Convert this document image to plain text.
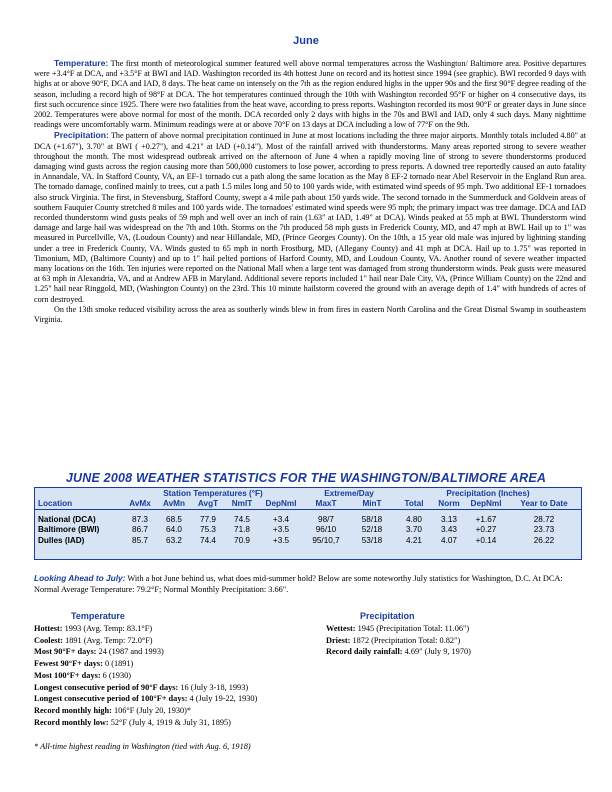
June

Temperature: The first month of meteorological summer featured well above normal temperatures across the Washington/ Baltimore area. Positive departures were +3.4°F at DCA, and +3.5°F at BWI and IAD. Washington recorded its 4th hottest June on record and its hottest since 1994 (see graphic). BWI recorded 9 days with highs at or above 90°F, DCA and IAD, 8 days. The heat came on intensely on the 7th as the region endured highs in the upper 90s and the first 90°F degree reading of the season, including a record high of 98°F at DCA. The hot temperatures continued through the 10th with Washington recorded 95°F or higher on 4 consecutive days, its first such occurence since 1925. There were two fatalities from the heat wave, according to press reports. Washington recorded its most 90°F or greater days in June since 2002. Temperatures were above normal for most of the month. DCA recorded only 2 days with highs in the 70s and BWI and IAD, only 4 such days. Many nighttime readings were uncomfortably warm. Minimum readings were at or above 70°F on 13 days at DCA including a low of 77°F on the 9th.

Precipitation: The pattern of above normal precipitation continued in June at most locations including the three major airports. Monthly totals included 4.80" at DCA (+1.67"), 3.70" at BWI ( +0.27"), and 4.21" at IAD (+0.14"). Most of the rainfall arrived with thunderstorms. Many areas reported strong to severe weather throughout the month. The most widespread outbreak arrived on the afternoon of June 4 when a rapidly moving line of strong to severe thunderstorms produced damaging wind gusts across the region causing more than 500,000 customers to lose power, according to press reports. A downed tree reportedly caused an auto fatality in Annandale, VA. In Stafford County, VA, an EF-1 tornado cut a path along the same location as the May 8 EF-2 tornado near Abel Reservoir in the England Run area. The tornado damage, confined mainly to trees, cut a path 1.5 miles long and 50 to 100 yards wide, with estimated wind speeds of 95 mph. Two additional EF-1 tornadoes also struck Virginia. The first, in Stevensburg, Stafford County, swept a 4 mile path about 150 yards wide. The second tornado in the Summerduck and Goldvein areas of southern Fauquier County stretched 8 miles and 100 yards wide. The tornadoes' estimated wind speeds were 95 mph; the primary impact was tree damage. DCA and IAD recorded thunderstorm wind gusts peaks of 59 mph and well over an inch of rain (1.63" at IAD, 1.49" at DCA). Winds peaked at 55 mph at BWI. Thunderstorm wind damage and large hail was widespread on the 7th and 10th. Storms on the 7th produced 58 mph gusts in Frederick County, MD, and 47 mph at BWI. Hail up to 1" was measured in Purcellville, VA, (Loudoun County) and near Hillandale, MD, (Prince Georges County). On the 10th, a 15 year old male was injured by lightning standing under a tree in Frederick County, VA. Winds gusted to 65 mph in north Frostburg, MD, (Allegany County) and 41 mph at DCA. Hail up to 1.75" was reported in Timonium, MD, (Baltimore County) and up to 1" hail pelted portions of Harford County, MD, and Loudoun County, VA. Another round of severe weather impacted many locations on the 16th. Ten injuries were reported on the National Mall when a large tent was damaged from strong thunderstorm winds. Peak gusts were measured at 63 mph in Alexandria, VA, and at Andrew AFB in Maryland. Additional severe reports included 1" hail near Dale City, VA, (Prince William County) on the 22nd and 1.25" hail near Ringgold, MD, (Washington County) on the 23rd. This 10 minute hailstorm covered the ground with an average depth of 1.4" with hundreds of acres of corn destroyed.

On the 13th smoke reduced visibility across the area as southerly winds blew in from fires in eastern North Carolina and the Great Dismal Swamp in southeastern Virginia.

JUNE 2008 WEATHER STATISTICS FOR THE WASHINGTON/BALTIMORE AREA
	Station Temperatures (°F)					Extreme/Day		Precipitation (Inches)			
Location	AvMx	AvMn	AvgT	NmlT	DepNml	MaxT	MinT	Total	Norm	DepNml	Year to Date

National (DCA)	87.3	68.5	77.9	74.5	+3.4	98/7	58/18	4.80	3.13	+1.67	28.72
Baltimore (BWI)	86.7	64.0	75.3	71.8	+3.5	96/10	52/18	3.70	3.43	+0.27	23.73
Dulles (IAD)	85.7	63.2	74.4	70.9	+3.5	95/10,7	53/18	4.21	4.07	+0.14	26.22
Looking Ahead to July: With a hot June behind us, what does mid-summer hold? Below are some noteworthy July statistics for Washington, D.C. At DCA: Normal Average Temperature: 79.2°F; Normal Monthly Precipitation: 3.66".
Temperature
Hottest: 1993 (Avg. Temp: 83.1°F)
Coolest: 1891 (Avg. Temp: 72.0°F)
Most 90°F+ days: 24 (1987 and 1993)
Fewest 90°F+ days: 0 (1891)
Most 100°F+ days: 6 (1930)
Longest consecutive period of 90°F days: 16 (July 3-18, 1993)
Longest consecutive period of 100°F+ days: 4 (July 19-22, 1930)
Record monthly high: 106°F (July 20, 1930)*
Record monthly low: 52°F (July 4, 1919 & July 31, 1895)
Precipitation
Wettest: 1945 (Precipitation Total: 11.06")
Driest: 1872 (Precipitation Total: 0.82")
Record daily rainfall: 4.69" (July 9, 1970)
* All-time highest reading in Washington (tied with Aug. 6, 1918)
